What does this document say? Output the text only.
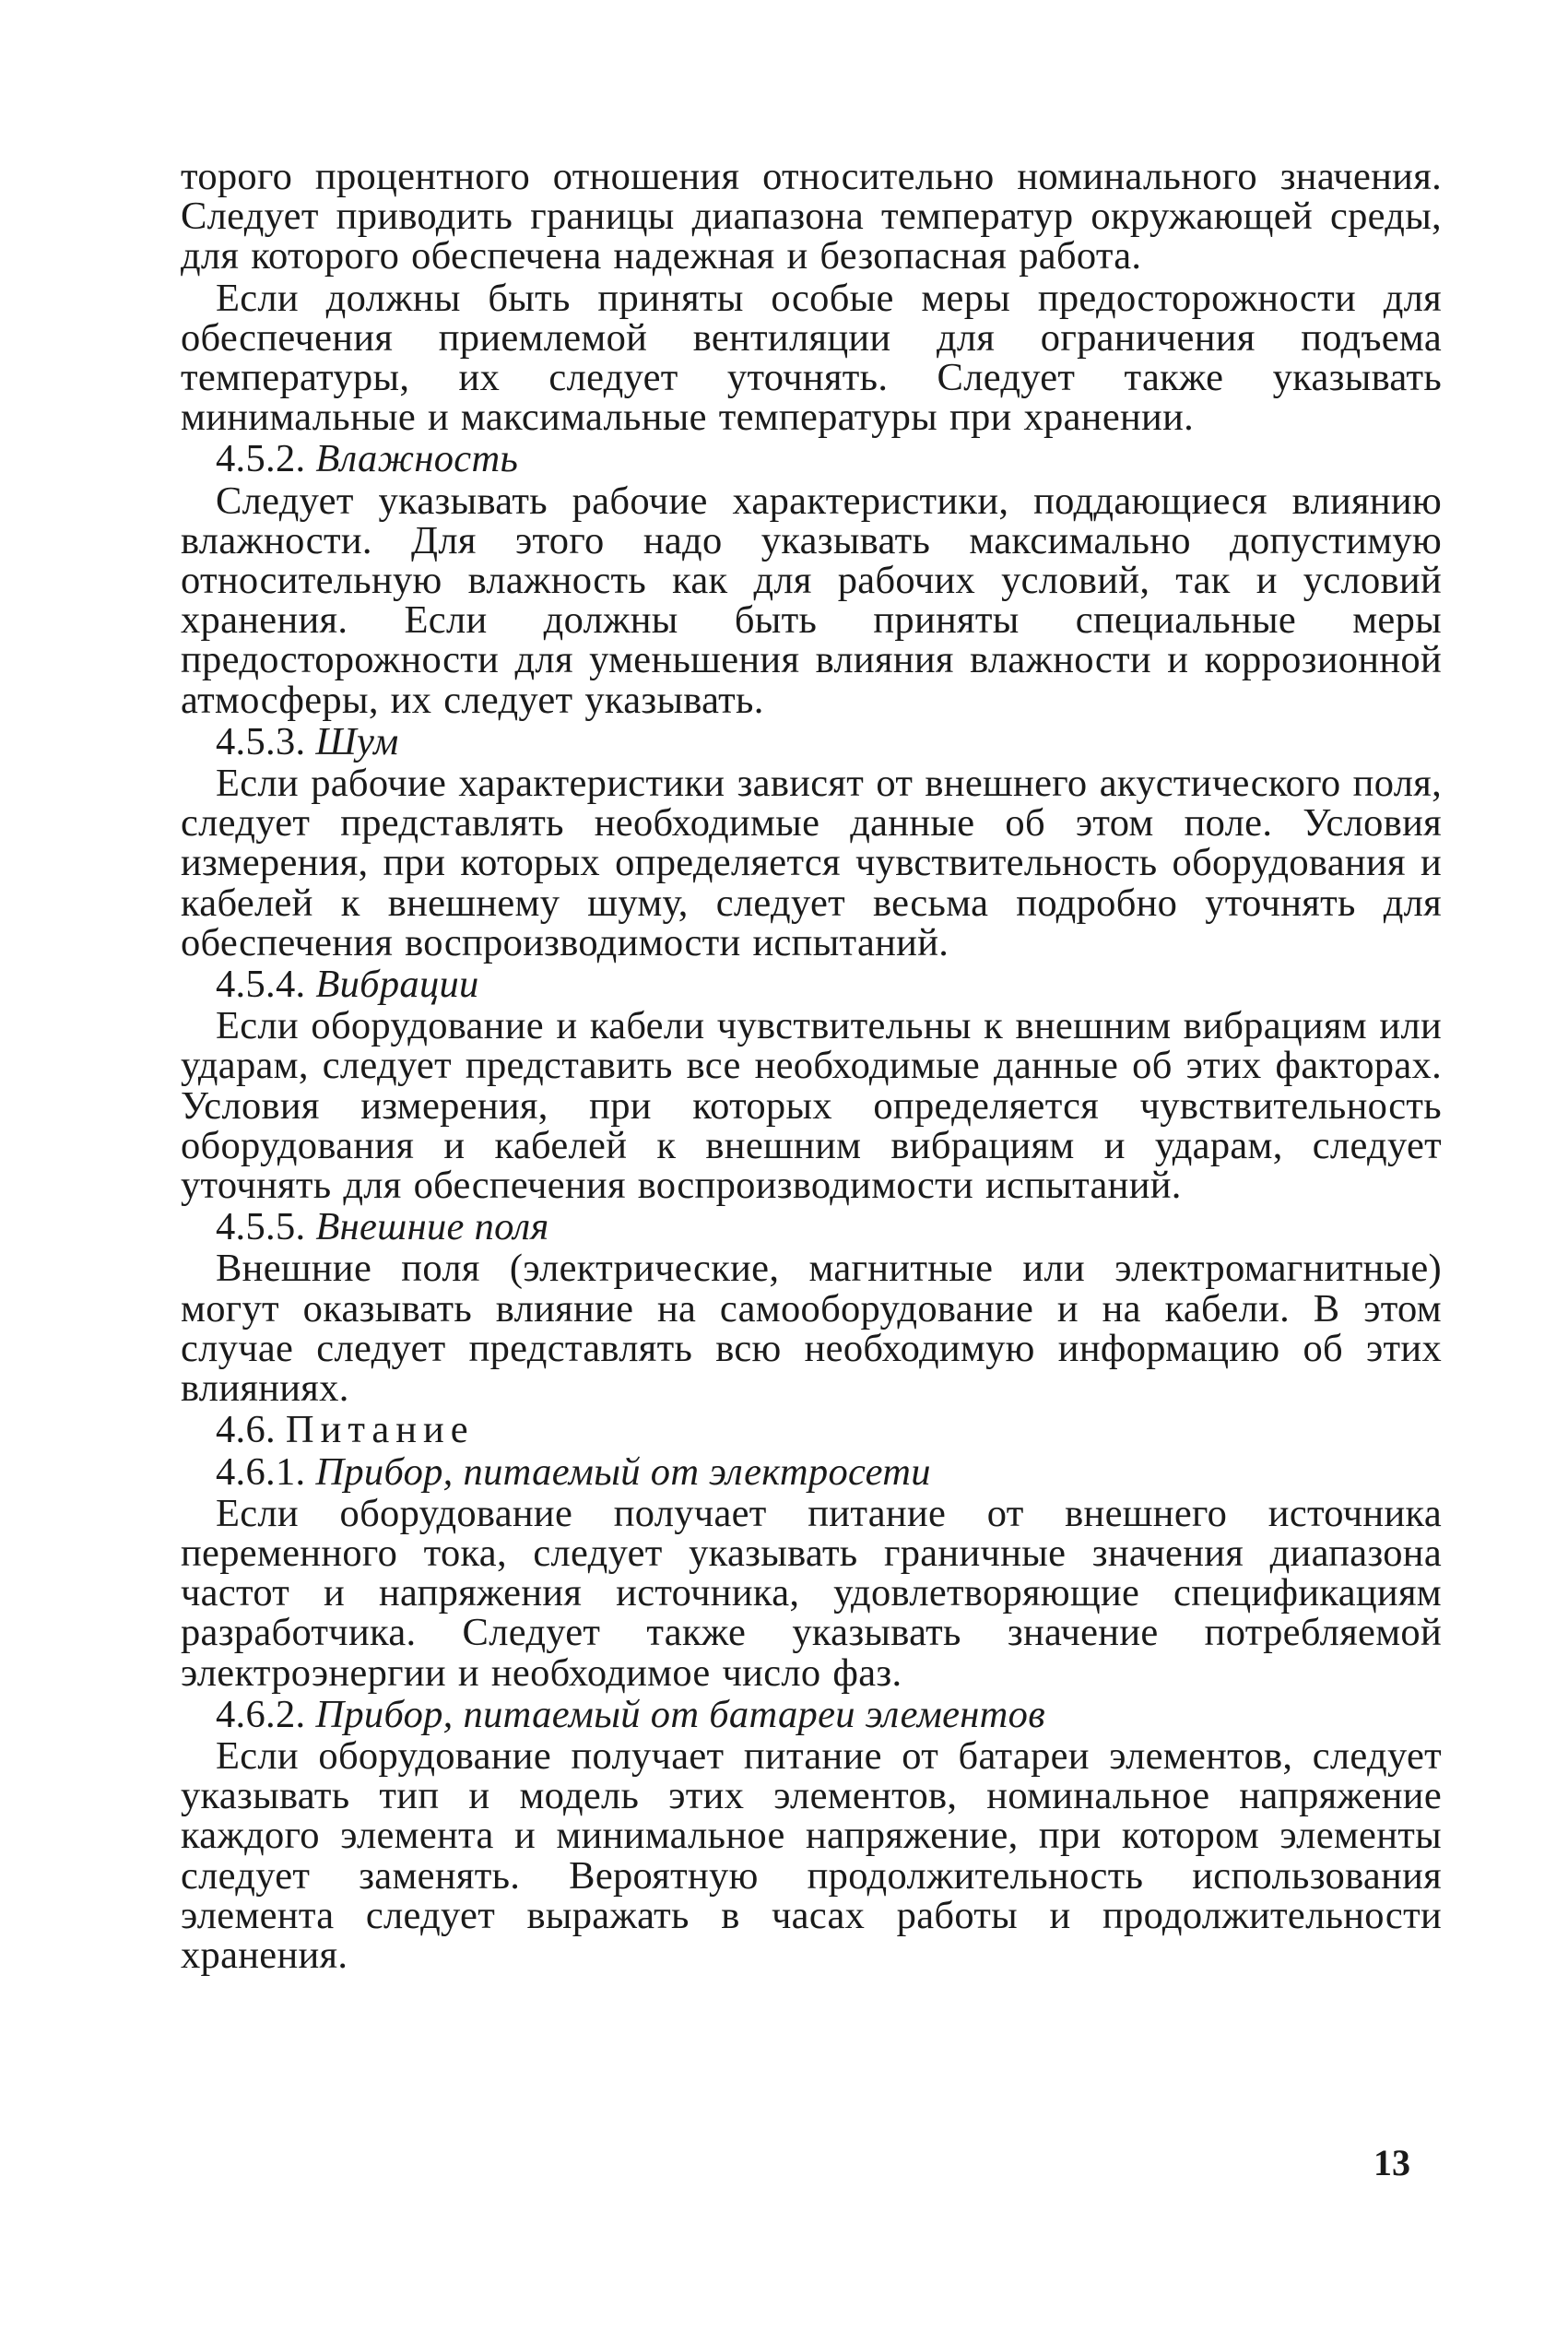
торого процентного отношения относительно номинального значения. Следует приводить границы диапазона температур окружающей среды, для которого обеспечена надежная и безопасная работа.

Если должны быть приняты особые меры предосторожности для обеспечения приемлемой вентиляции для ограничения подъема температуры, их следует уточнять. Следует также указывать минимальные и максимальные температуры при хранении.

4.5.2. Влажность

Следует указывать рабочие характеристики, поддающиеся влиянию влажности. Для этого надо указывать максимально допустимую относительную влажность как для рабочих условий, так и условий хранения. Если должны быть приняты специальные меры предосторожности для уменьшения влияния влажности и коррозионной атмосферы, их следует указывать.

4.5.3. Шум

Если рабочие характеристики зависят от внешнего акустического поля, следует представлять необходимые данные об этом поле. Условия измерения, при которых определяется чувствительность оборудования и кабелей к внешнему шуму, следует весьма подробно уточнять для обеспечения воспроизводимости испытаний.

4.5.4. Вибрации

Если оборудование и кабели чувствительны к внешним вибрациям или ударам, следует представить все необходимые данные об этих факторах. Условия измерения, при которых определяется чувствительность оборудования и кабелей к внешним вибрациям и ударам, следует уточнять для обеспечения воспроизводимости испытаний.

4.5.5. Внешние поля

Внешние поля (электрические, магнитные или электромагнитные) могут оказывать влияние на самооборудование и на кабели. В этом случае следует представлять всю необходимую информацию об этих влияниях.

4.6. Питание
4.6.1. Прибор, питаемый от электросети

Если оборудование получает питание от внешнего источника переменного тока, следует указывать граничные значения диапазона частот и напряжения источника, удовлетворяющие спецификациям разработчика. Следует также указывать значение потребляемой электроэнергии и необходимое число фаз.

4.6.2. Прибор, питаемый от батареи элементов

Если оборудование получает питание от батареи элементов, следует указывать тип и модель этих элементов, номинальное напряжение каждого элемента и минимальное напряжение, при котором элементы следует заменять. Вероятную продолжительность использования элемента следует выражать в часах работы и продолжительности хранения.

13
